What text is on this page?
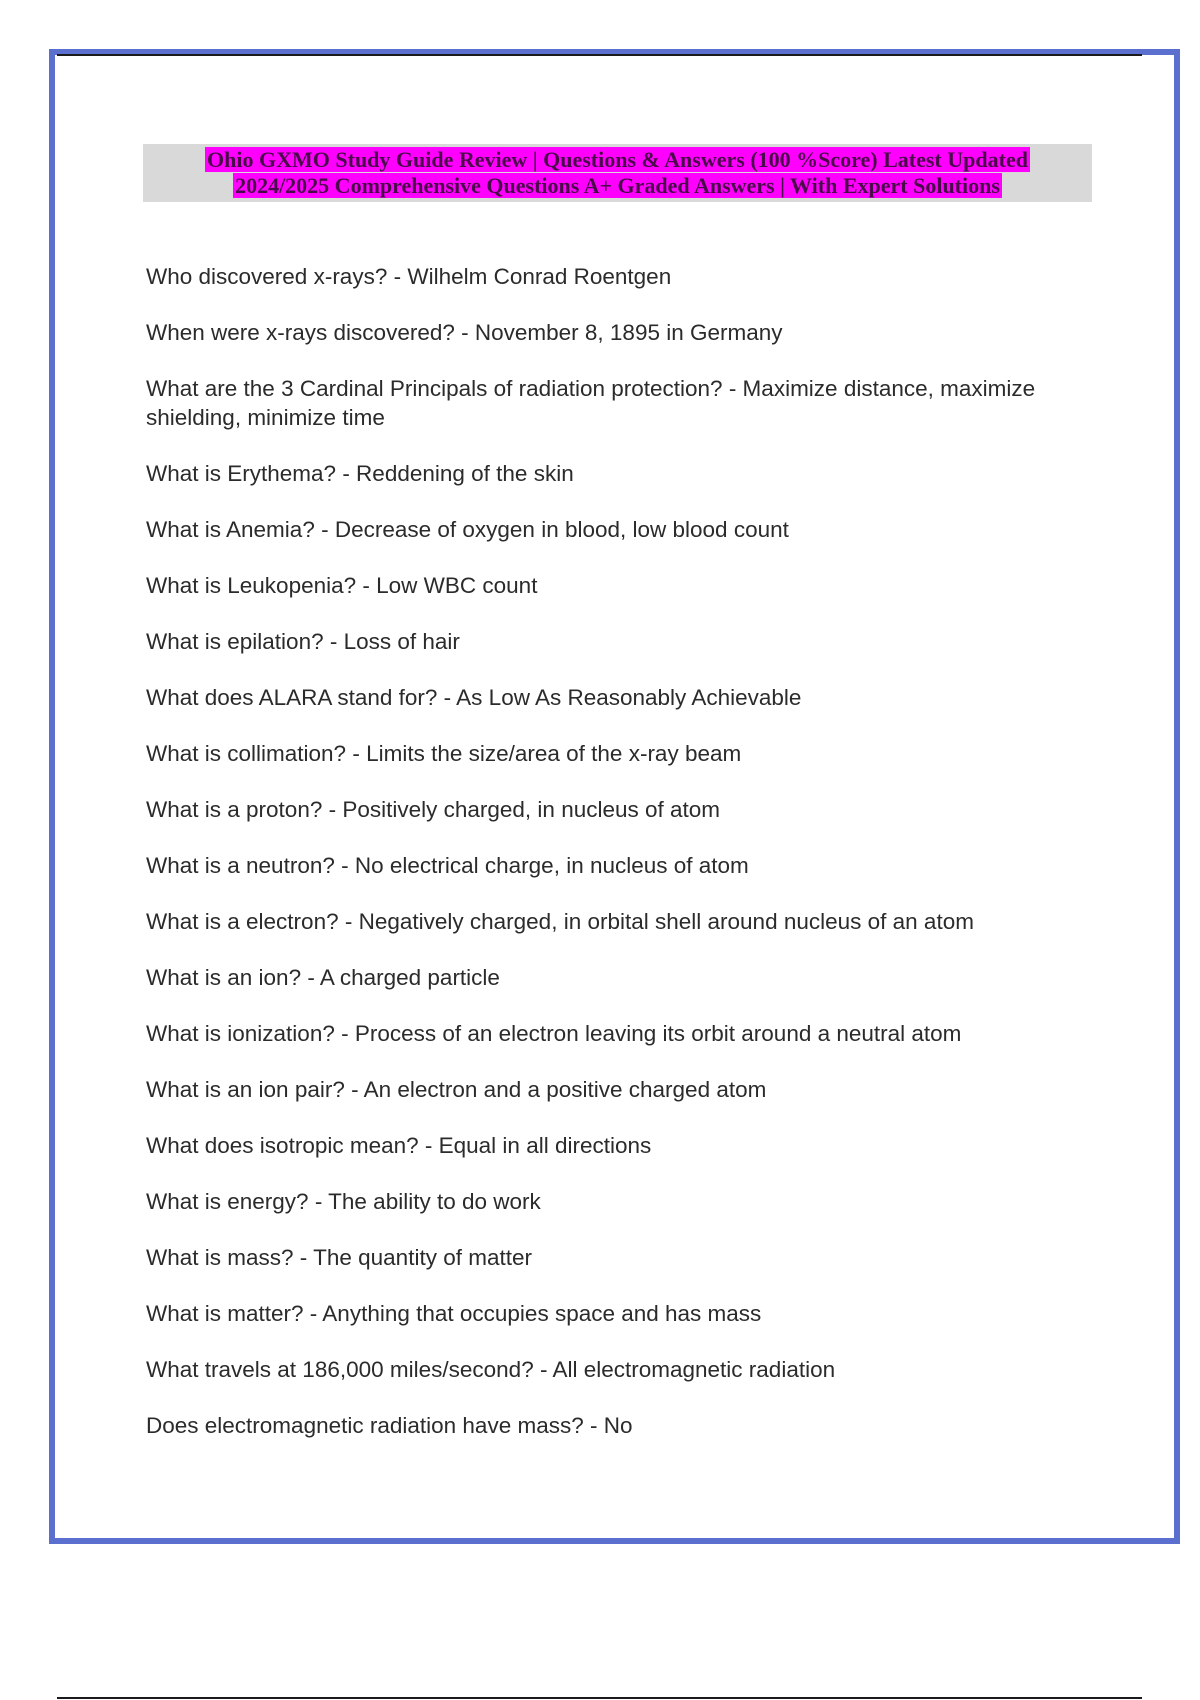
Ohio GXMO Study Guide Review | Questions & Answers (100 %Score) Latest Updated
2024/2025 Comprehensive Questions A+ Graded Answers | With Expert Solutions
Who discovered x-rays? - Wilhelm Conrad Roentgen
When were x-rays discovered? - November 8, 1895 in Germany
What are the 3 Cardinal Principals of radiation protection? - Maximize distance, maximize shielding, minimize time
What is Erythema? - Reddening of the skin
What is Anemia? - Decrease of oxygen in blood, low blood count
What is Leukopenia? - Low WBC count
What is epilation? - Loss of hair
What does ALARA stand for? - As Low As Reasonably Achievable
What is collimation? - Limits the size/area of the x-ray beam
What is a proton? - Positively charged, in nucleus of atom
What is a neutron? - No electrical charge, in nucleus of atom
What is a electron? - Negatively charged, in orbital shell around nucleus of an atom
What is an ion? - A charged particle
What is ionization? - Process of an electron leaving its orbit around a neutral atom
What is an ion pair? - An electron and a positive charged atom
What does isotropic mean? - Equal in all directions
What is energy? - The ability to do work
What is mass? - The quantity of matter
What is matter? - Anything that occupies space and has mass
What travels at 186,000 miles/second? - All electromagnetic radiation
Does electromagnetic radiation have mass? - No
